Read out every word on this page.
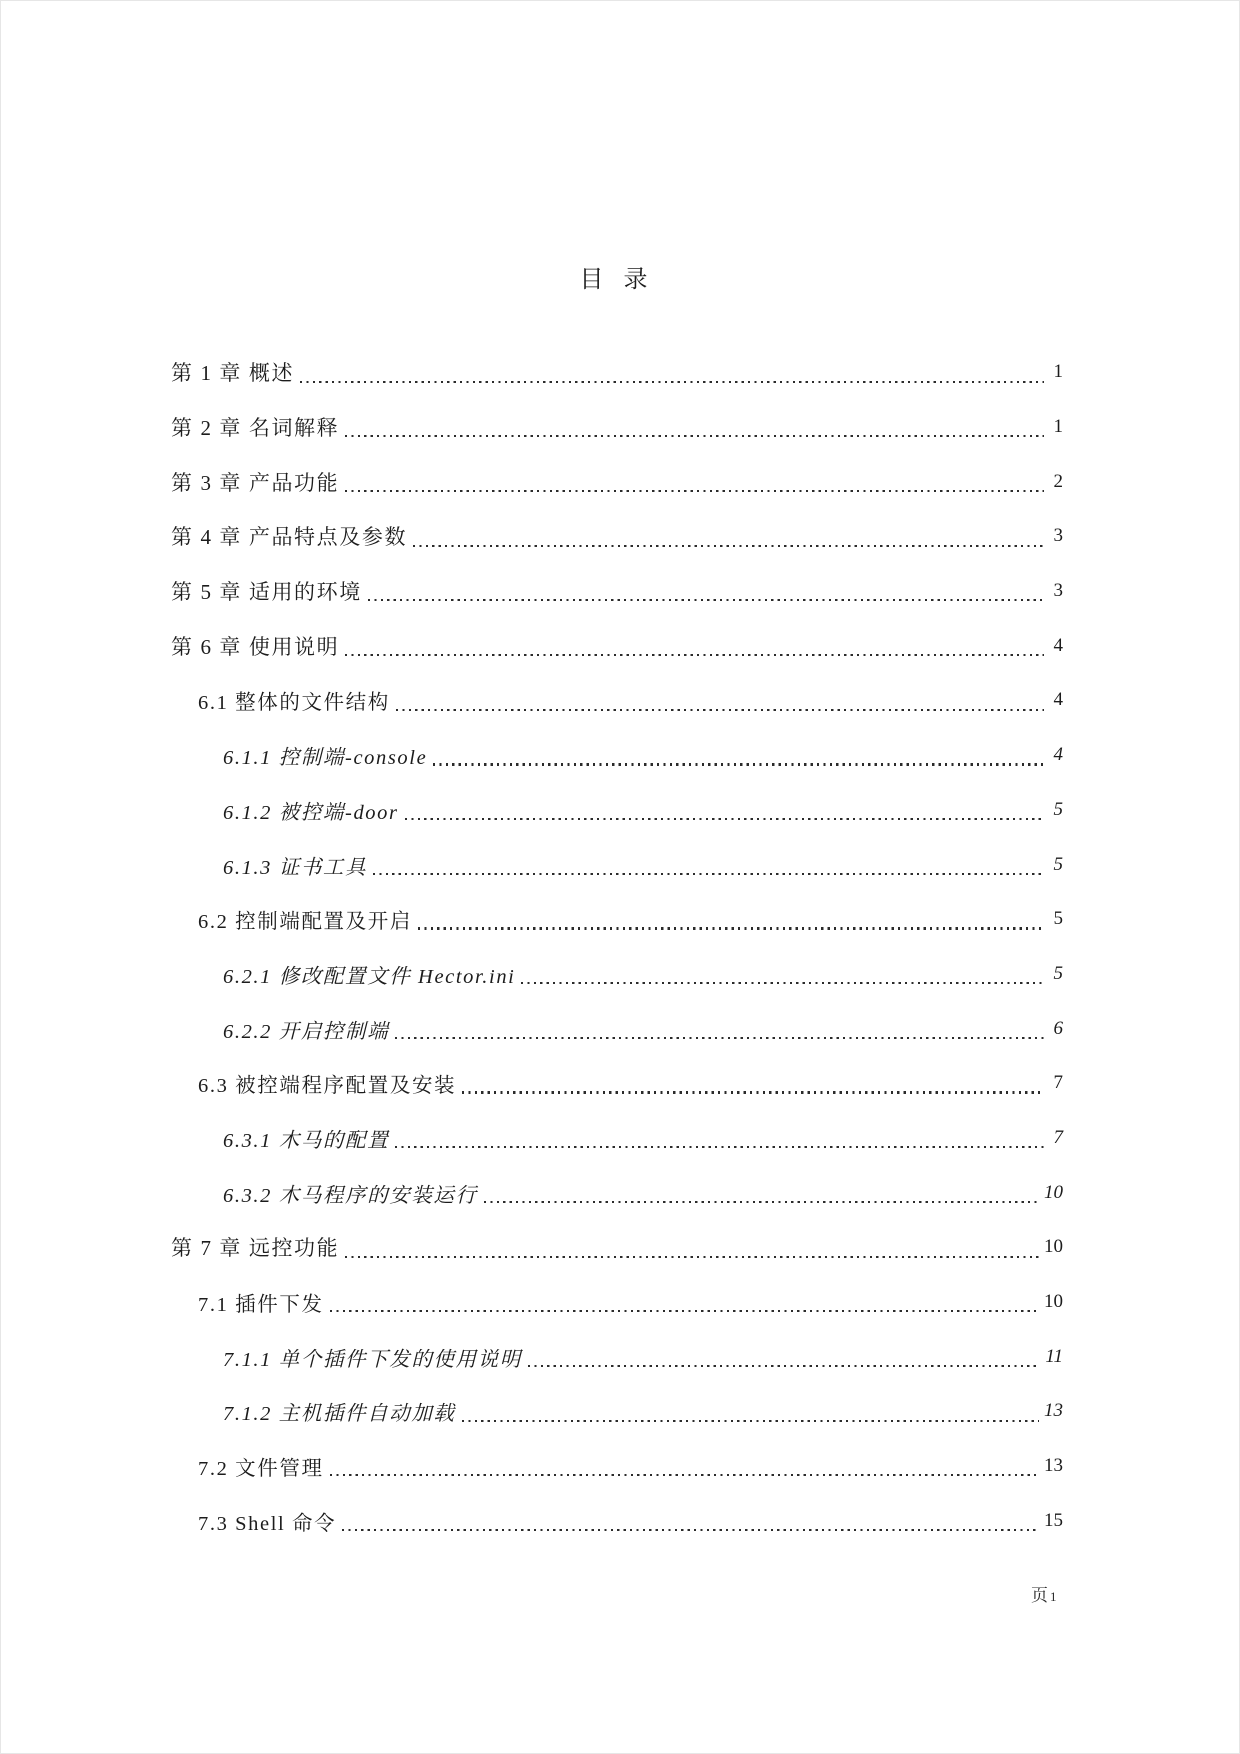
目 录
第 1 章 概述	1
第 2 章 名词解释	1
第 3 章 产品功能	2
第 4 章 产品特点及参数	3
第 5 章 适用的环境	3
第 6 章 使用说明	4
6.1 整体的文件结构	4
6.1.1 控制端-console	4
6.1.2 被控端-door	5
6.1.3 证书工具	5
6.2 控制端配置及开启	5
6.2.1 修改配置文件 Hector.ini	5
6.2.2 开启控制端	6
6.3 被控端程序配置及安装	7
6.3.1 木马的配置	7
6.3.2 木马程序的安装运行	10
第 7 章 远控功能	10
7.1 插件下发	10
7.1.1 单个插件下发的使用说明	11
7.1.2 主机插件自动加载	13
7.2 文件管理	13
7.3 Shell 命令	15
页1
